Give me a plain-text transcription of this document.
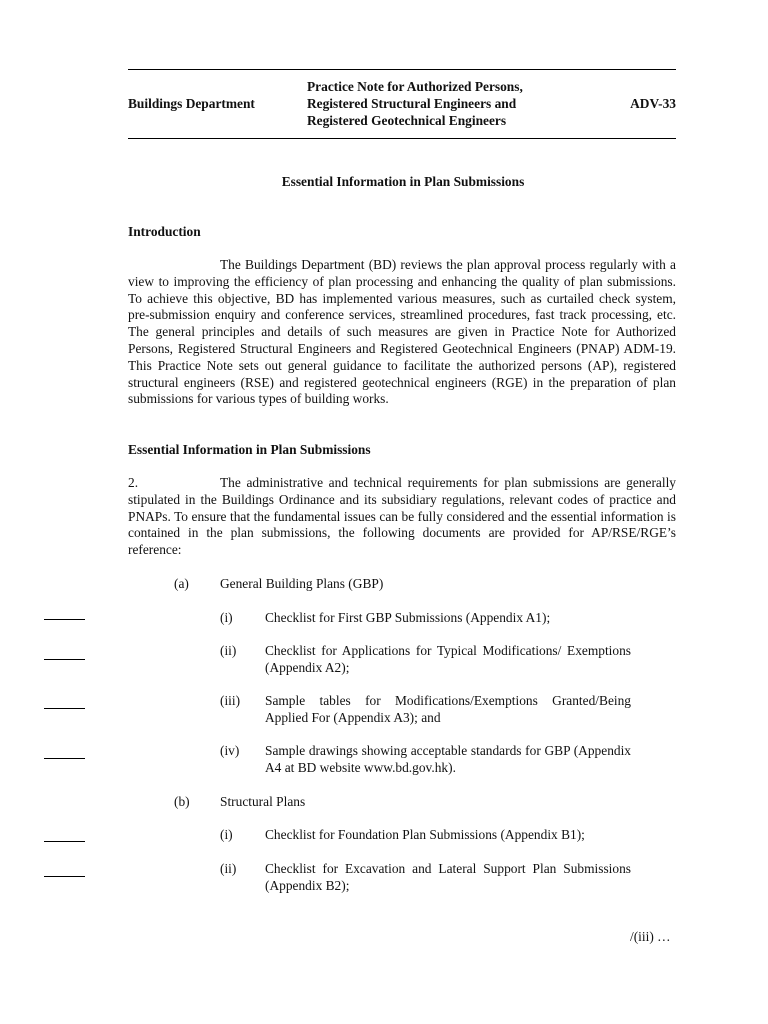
Buildings Department
Practice Note for Authorized Persons,
Registered Structural Engineers and
Registered Geotechnical Engineers
ADV-33
Essential Information in Plan Submissions
Introduction
The Buildings Department (BD) reviews the plan approval process regularly with a view to improving the efficiency of plan processing and enhancing the quality of plan submissions. To achieve this objective, BD has implemented various measures, such as curtailed check system, pre-submission enquiry and conference services, streamlined procedures, fast track processing, etc. The general principles and details of such measures are given in Practice Note for Authorized Persons, Registered Structural Engineers and Registered Geotechnical Engineers (PNAP) ADM-19. This Practice Note sets out general guidance to facilitate the authorized persons (AP), registered structural engineers (RSE) and registered geotechnical engineers (RGE) in the preparation of plan submissions for various types of building works.
Essential Information in Plan Submissions
2.	The administrative and technical requirements for plan submissions are generally stipulated in the Buildings Ordinance and its subsidiary regulations, relevant codes of practice and PNAPs. To ensure that the fundamental issues can be fully considered and the essential information is contained in the plan submissions, the following documents are provided for AP/RSE/RGE’s reference:
(a) General Building Plans (GBP)
(i) Checklist for First GBP Submissions (Appendix A1);
(ii) Checklist for Applications for Typical Modifications/ Exemptions (Appendix A2);
(iii) Sample tables for Modifications/Exemptions Granted/Being Applied For (Appendix A3); and
(iv) Sample drawings showing acceptable standards for GBP (Appendix A4 at BD website www.bd.gov.hk).
(b) Structural Plans
(i) Checklist for Foundation Plan Submissions (Appendix B1);
(ii) Checklist for Excavation and Lateral Support Plan Submissions (Appendix B2);
/(iii) …
